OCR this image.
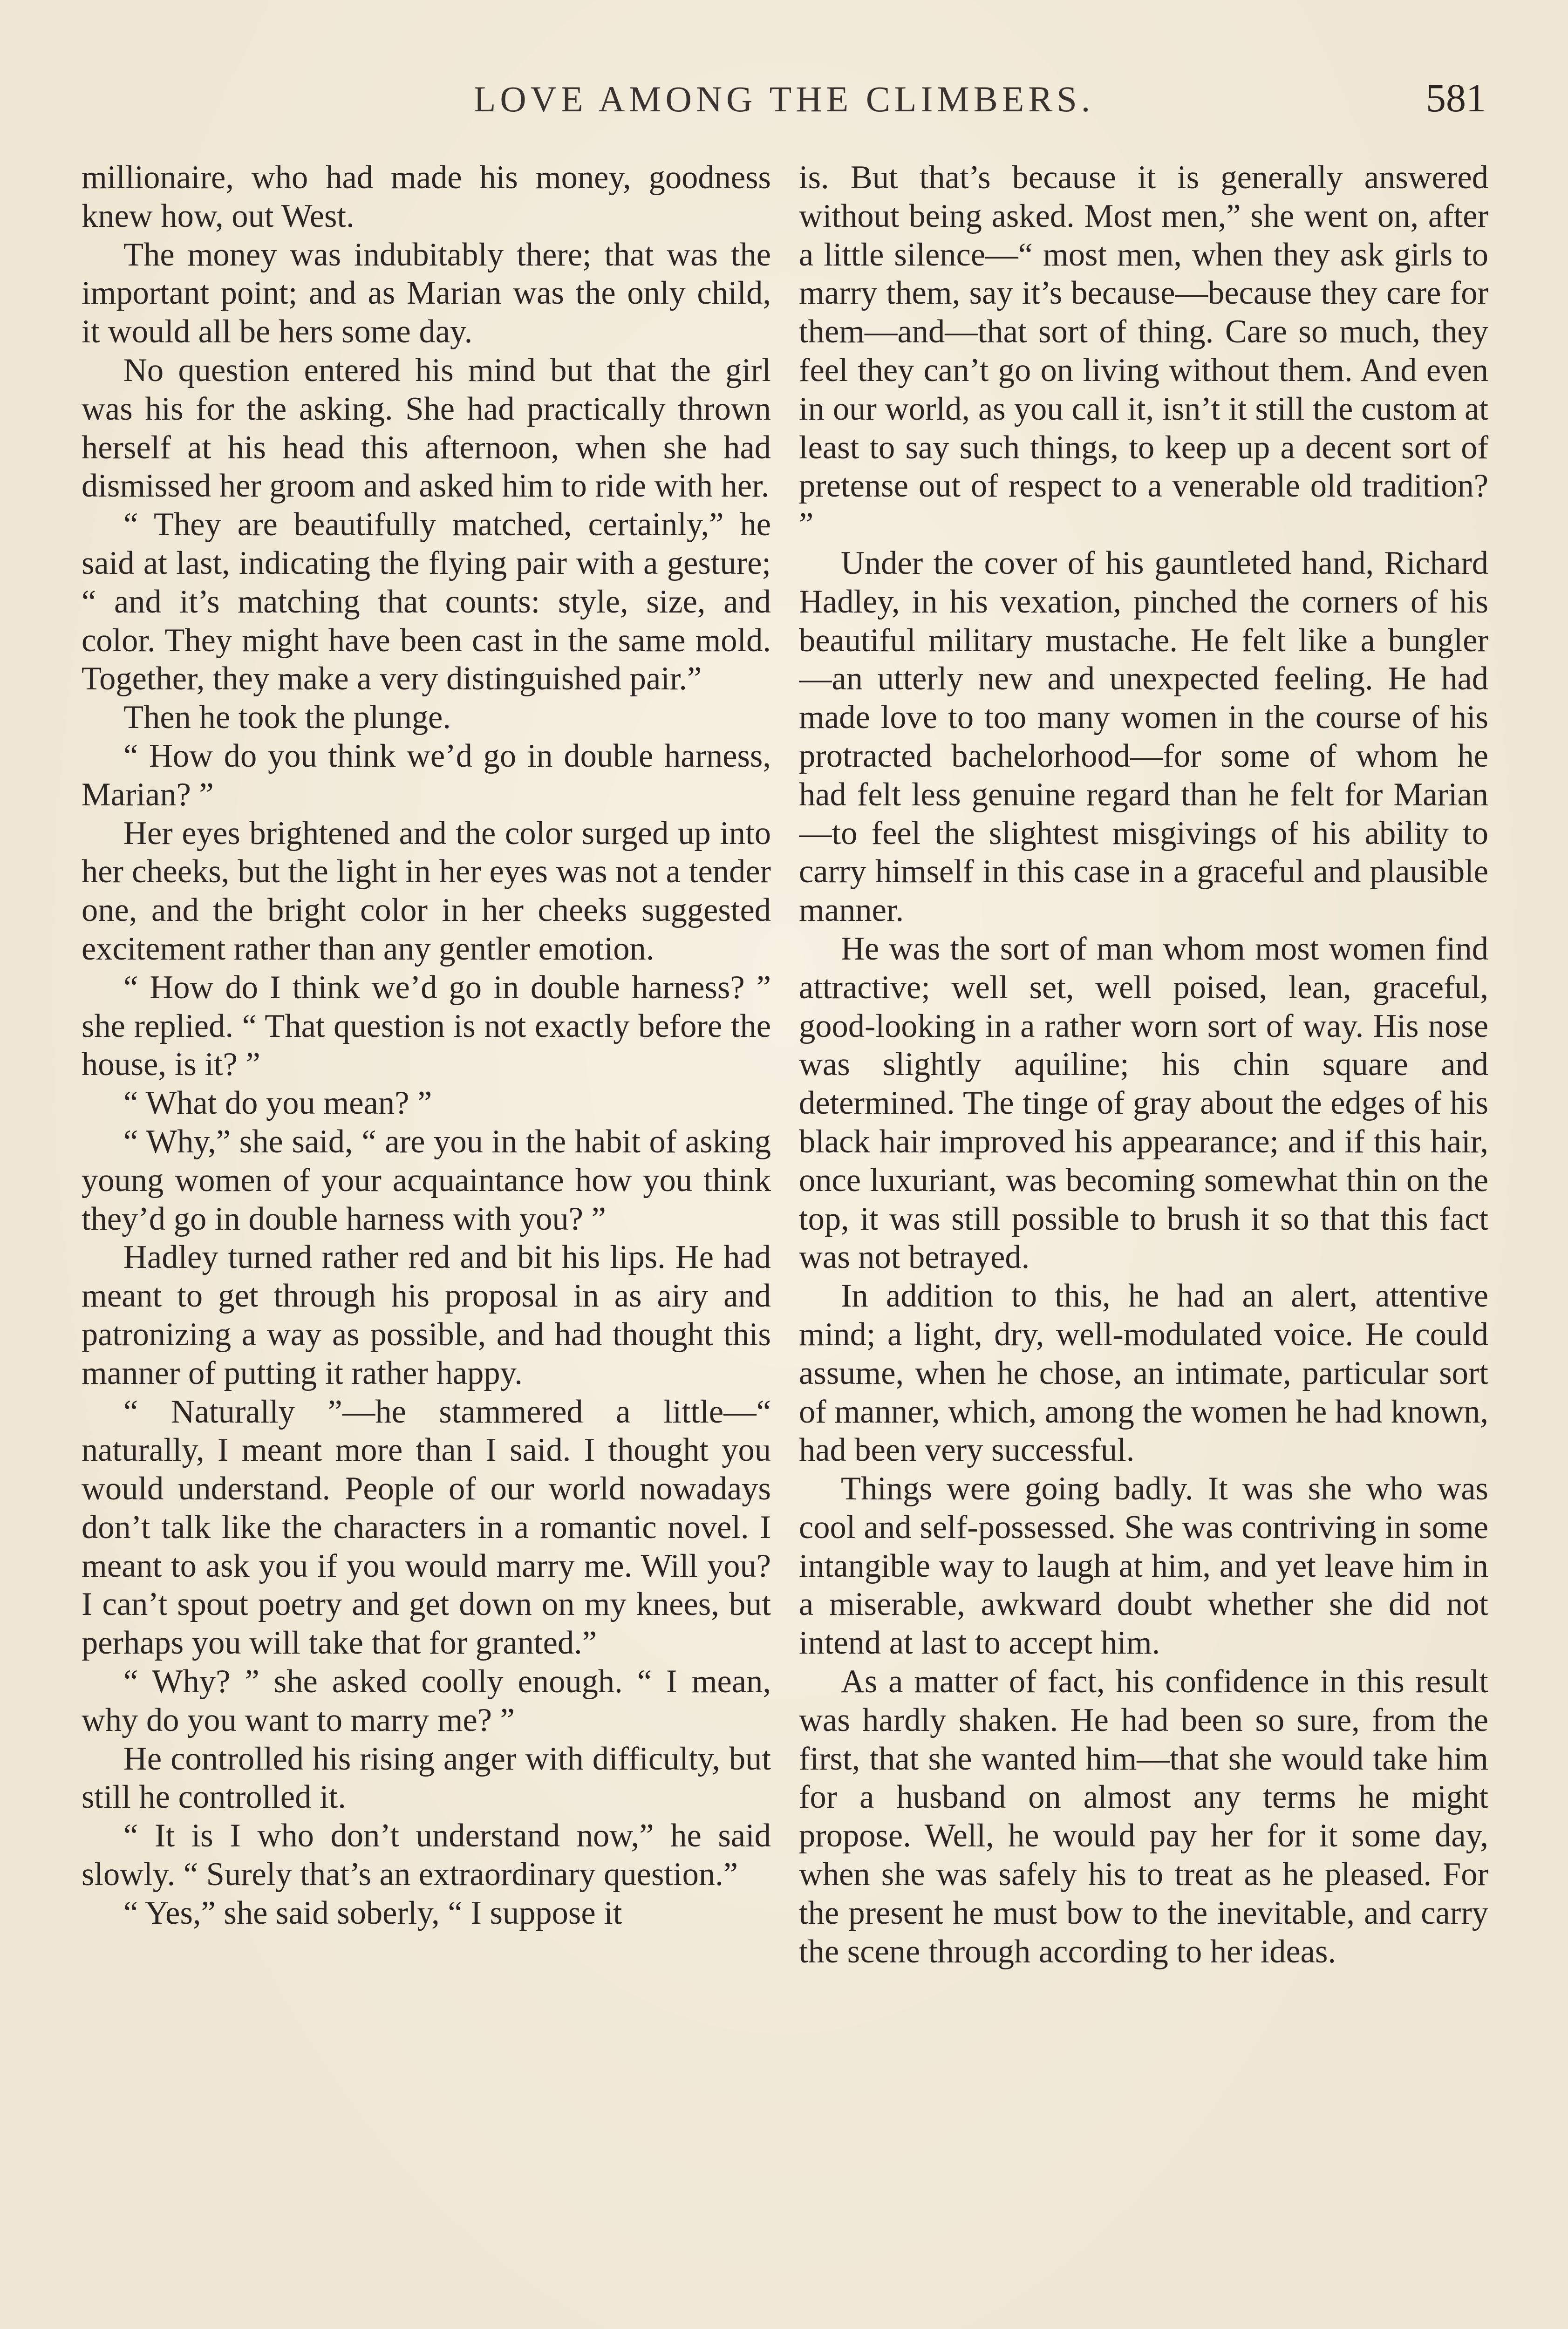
LOVE AMONG THE CLIMBERS.	581

millionaire, who had made his money, goodness knew how, out West.

The money was indubitably there; that was the important point; and as Marian was the only child, it would all be hers some day.

No question entered his mind but that the girl was his for the asking. She had practically thrown herself at his head this afternoon, when she had dismissed her groom and asked him to ride with her.

“ They are beautifully matched, certainly,” he said at last, indicating the flying pair with a gesture; “ and it’s matching that counts: style, size, and color. They might have been cast in the same mold. Together, they make a very distinguished pair.”

Then he took the plunge.

“ How do you think we’d go in double harness, Marian? ”

Her eyes brightened and the color surged up into her cheeks, but the light in her eyes was not a tender one, and the bright color in her cheeks suggested excitement rather than any gentler emotion.

“ How do I think we’d go in double harness? ” she replied. “ That question is not exactly before the house, is it? ”

“ What do you mean? ”

“ Why,” she said, “ are you in the habit of asking young women of your acquaintance how you think they’d go in double harness with you? ”

Hadley turned rather red and bit his lips. He had meant to get through his proposal in as airy and patronizing a way as possible, and had thought this manner of putting it rather happy.

“ Naturally ”—he stammered a little—“ naturally, I meant more than I said. I thought you would understand. People of our world nowadays don’t talk like the characters in a romantic novel. I meant to ask you if you would marry me. Will you? I can’t spout poetry and get down on my knees, but perhaps you will take that for granted.”

“ Why? ” she asked coolly enough. “ I mean, why do you want to marry me? ”

He controlled his rising anger with difficulty, but still he controlled it.

“ It is I who don’t understand now,” he said slowly. “ Surely that’s an extraordinary question.”

“ Yes,” she said soberly, “ I suppose it

is. But that’s because it is generally answered without being asked. Most men,” she went on, after a little silence—“ most men, when they ask girls to marry them, say it’s because—because they care for them—and—that sort of thing. Care so much, they feel they can’t go on living without them. And even in our world, as you call it, isn’t it still the custom at least to say such things, to keep up a decent sort of pretense out of respect to a venerable old tradition? ”

Under the cover of his gauntleted hand, Richard Hadley, in his vexation, pinched the corners of his beautiful military mustache. He felt like a bungler—an utterly new and unexpected feeling. He had made love to too many women in the course of his protracted bachelorhood—for some of whom he had felt less genuine regard than he felt for Marian—to feel the slightest misgivings of his ability to carry himself in this case in a graceful and plausible manner.

He was the sort of man whom most women find attractive; well set, well poised, lean, graceful, good-looking in a rather worn sort of way. His nose was slightly aquiline; his chin square and determined. The tinge of gray about the edges of his black hair improved his appearance; and if this hair, once luxuriant, was becoming somewhat thin on the top, it was still possible to brush it so that this fact was not betrayed.

In addition to this, he had an alert, attentive mind; a light, dry, well-modulated voice. He could assume, when he chose, an intimate, particular sort of manner, which, among the women he had known, had been very successful.

Things were going badly. It was she who was cool and self-possessed. She was contriving in some intangible way to laugh at him, and yet leave him in a miserable, awkward doubt whether she did not intend at last to accept him.

As a matter of fact, his confidence in this result was hardly shaken. He had been so sure, from the first, that she wanted him—that she would take him for a husband on almost any terms he might propose. Well, he would pay her for it some day, when she was safely his to treat as he pleased. For the present he must bow to the inevitable, and carry the scene through according to her ideas.
